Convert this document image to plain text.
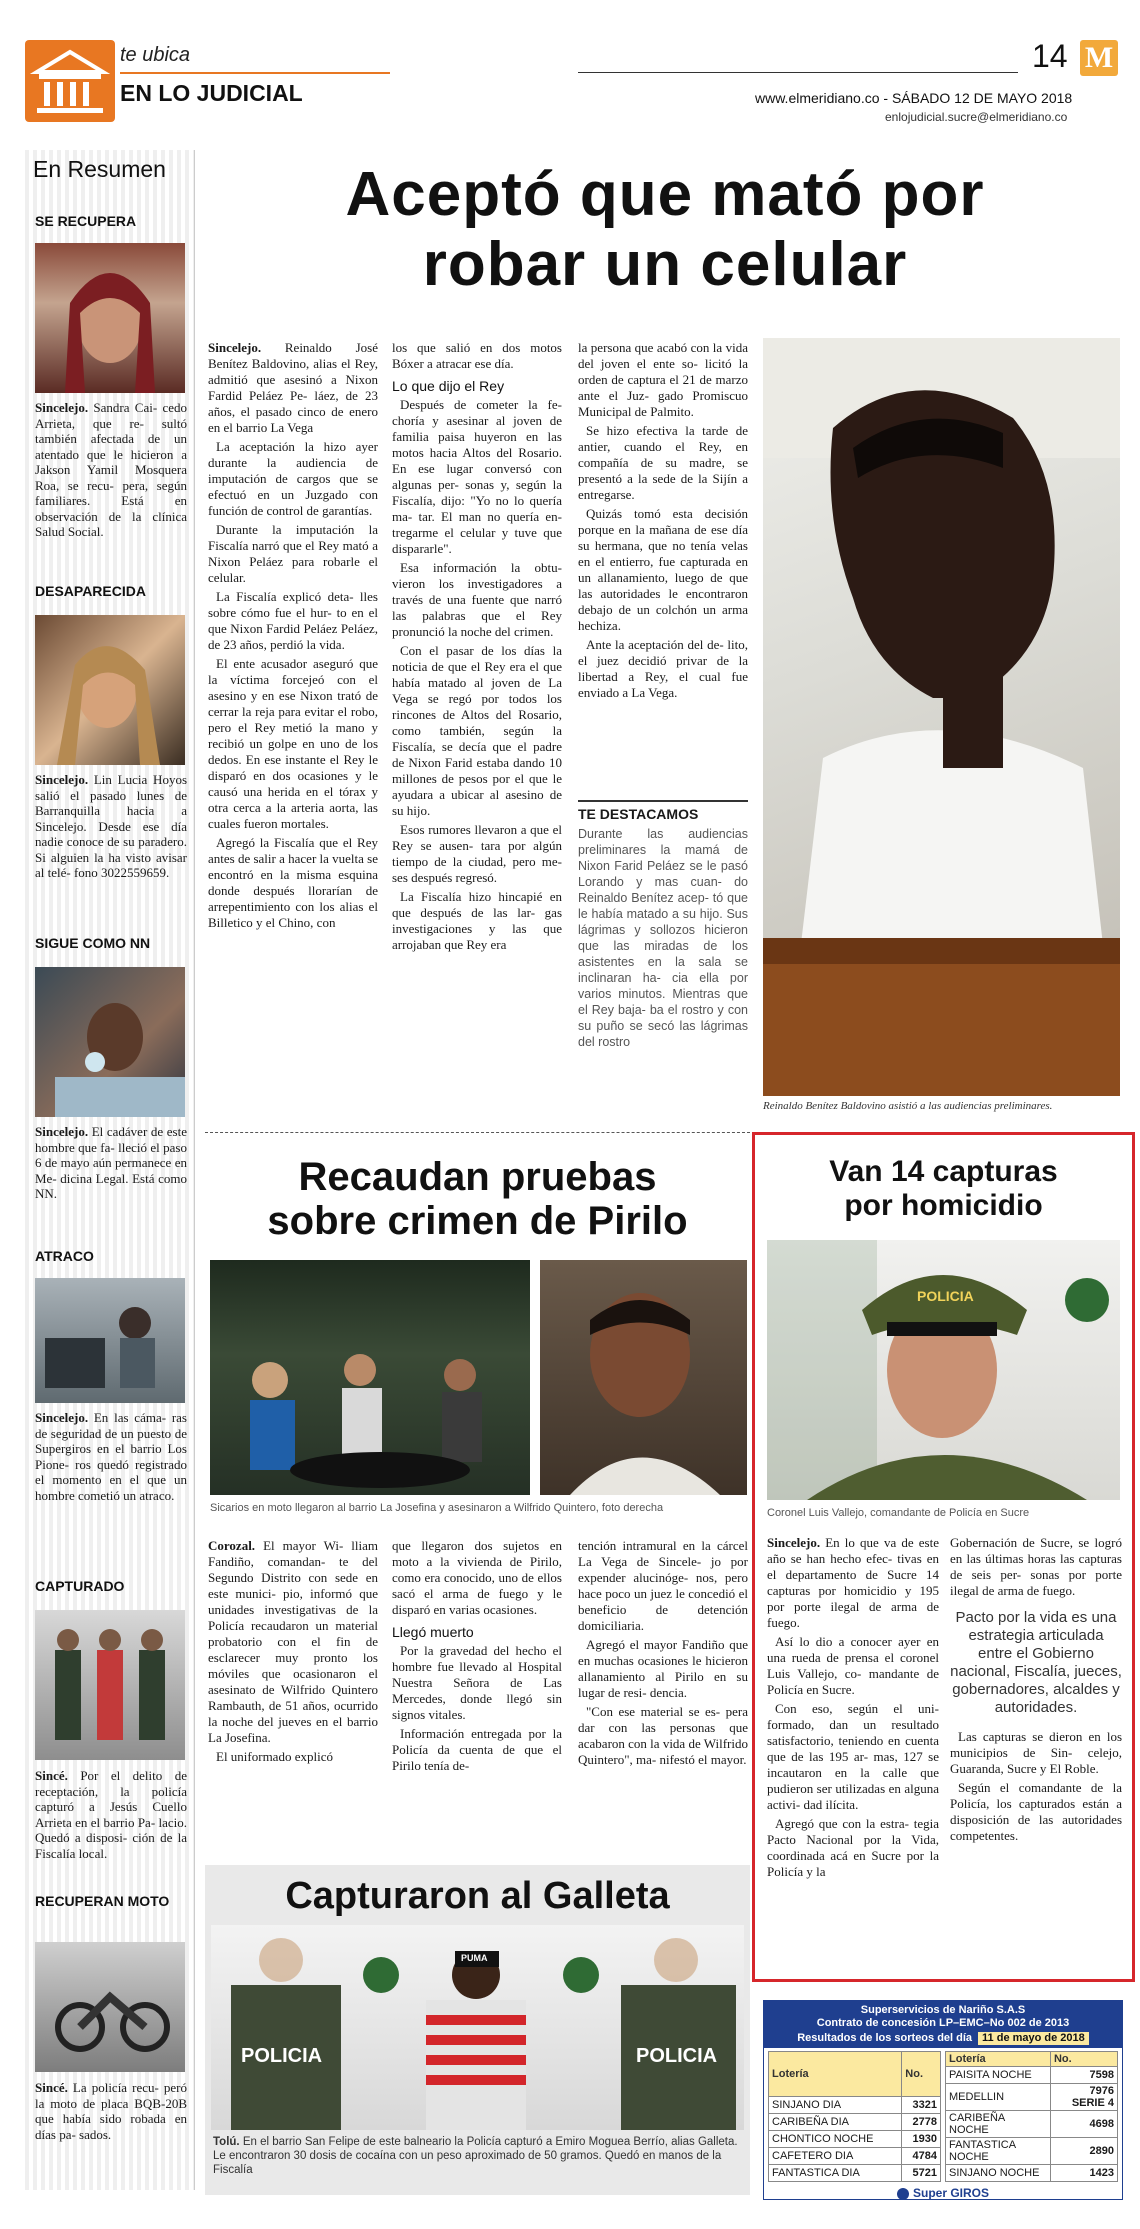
te ubica
EN LO JUDICIAL
14 M
www.elmeridiano.co - SÁBADO 12 DE MAYO 2018
enlojudicial.sucre@elmeridiano.co
En Resumen
SE RECUPERA
Sincelejo. Sandra Cai- cedo Arrieta, que re- sultó también afectada de un atentado que le hicieron a Jakson Yamil Mosquera Roa, se recu- pera, según familiares. Está en observación de la clínica Salud Social.
DESAPARECIDA
Sincelejo. Lin Lucia Hoyos salió el pasado lunes de Barranquilla hacia a Sincelejo. Desde ese día nadie conoce de su paradero. Si alguien la ha visto avisar al telé- fono 3022559659.
SIGUE COMO NN
Sincelejo. El cadáver de este hombre que fa- lleció el paso 6 de mayo aún permanece en Me- dicina Legal. Está como NN.
ATRACO
Sincelejo. En las cáma- ras de seguridad de un puesto de Supergiros en el barrio Los Pione- ros quedó registrado el momento en el que un hombre cometió un atraco.
CAPTURADO
Sincé. Por el delito de receptación, la policía capturó a Jesús Cuello Arrieta en el barrio Pa- lacio. Quedó a disposi- ción de la Fiscalía local.
RECUPERAN MOTO
Sincé. La policía recu- peró la moto de placa BQB-20B que había sido robada en días pa- sados.
Aceptó que mató por
robar un celular

Sincelejo. Reinaldo José Benítez Baldovino, alias el Rey, admitió que asesinó a Nixon Fardid Peláez Pe- láez, de 23 años, el pasado cinco de enero en el barrio La Vega

La aceptación la hizo ayer durante la audiencia de imputación de cargos que se efectuó en un Juzgado con función de control de garantías.

Durante la imputación la Fiscalía narró que el Rey mató a Nixon Peláez para robarle el celular.

La Fiscalía explicó deta- lles sobre cómo fue el hur- to en el que Nixon Fardid Peláez Peláez, de 23 años, perdió la vida.

El ente acusador aseguró que la víctima forcejeó con el asesino y en ese Nixon trató de cerrar la reja para evitar el robo, pero el Rey metió la mano y recibió un golpe en uno de los dedos. En ese instante el Rey le disparó en dos ocasiones y le causó una herida en el tórax y otra cerca a la arteria aorta, las cuales fueron mortales.

Agregó la Fiscalía que el Rey antes de salir a hacer la vuelta se encontró en la misma esquina donde después llorarían de arrepentimiento con los alias el Billetico y el Chino, con

los que salió en dos motos Bóxer a atracar ese día.

Lo que dijo el Rey

Después de cometer la fe- choría y asesinar al joven de familia paisa huyeron en las motos hacia Altos del Rosario. En ese lugar conversó con algunas per- sonas y, según la Fiscalía, dijo: "Yo no lo quería ma- tar. El man no quería en- tregarme el celular y tuve que dispararle".

Esa información la obtu- vieron los investigadores a través de una fuente que narró las palabras que el Rey pronunció la noche del crimen.

Con el pasar de los días la noticia de que el Rey era el que había matado al joven de La Vega se regó por todos los rincones de Altos del Rosario, como también, según la Fiscalía, se decía que el padre de Nixon Farid estaba dando 10 millones de pesos por el que le ayudara a ubicar al asesino de su hijo.

Esos rumores llevaron a que el Rey se ausen- tara por algún tiempo de la ciudad, pero me- ses después regresó.

La Fiscalía hizo hincapié en que después de las lar- gas investigaciones y las que arrojaban que Rey era

la persona que acabó con la vida del joven el ente so- licitó la orden de captura el 21 de marzo ante el Juz- gado Promiscuo Municipal de Palmito.

Se hizo efectiva la tarde de antier, cuando el Rey, en compañía de su madre, se presentó a la sede de la Sijín a entregarse.

Quizás tomó esta decisión porque en la mañana de ese día su hermana, que no tenía velas en el entierro, fue capturada en un allanamiento, luego de que las autoridades le encontraron debajo de un colchón un arma hechiza.

Ante la aceptación del de- lito, el juez decidió privar de la libertad a Rey, el cual fue enviado a La Vega.

TE DESTACAMOS
Durante las audiencias preliminares la mamá de Nixon Farid Peláez se le pasó Lorando y mas cuan- do Reinaldo Benítez acep- tó que le había matado a su hijo. Sus lágrimas y sollozos hicieron que las miradas de los asistentes en la sala se inclinaran ha- cia ella por varios minutos. Mientras que el Rey baja- ba el rostro y con su puño se secó las lágrimas del rostro
Reinaldo Benítez Baldovino asistió a las audiencias preliminares.
Recaudan pruebas
sobre crimen de Pirilo
Sicarios en moto llegaron al barrio La Josefina y asesinaron a Wilfrido Quintero, foto derecha

Corozal. El mayor Wi- lliam Fandiño, comandan- te del Segundo Distrito con sede en este munici- pio, informó que unidades investigativas de la Policía recaudaron un material probatorio con el fin de esclarecer muy pronto los móviles que ocasionaron el asesinato de Wilfrido Quintero Rambauth, de 51 años, ocurrido la noche del jueves en el barrio La Josefina.

El uniformado explicó

que llegaron dos sujetos en moto a la vivienda de Pirilo, como era conocido, uno de ellos sacó el arma de fuego y le disparó en varias ocasiones.

Llegó muerto

Por la gravedad del hecho el hombre fue llevado al Hospital Nuestra Señora de Las Mercedes, donde llegó sin signos vitales.

Información entregada por la Policía da cuenta de que el Pirilo tenía de-

tención intramural en la cárcel La Vega de Sincele- jo por expender alucinóge- nos, pero hace poco un juez le concedió el beneficio de detención domiciliaria.

Agregó el mayor Fandiño que en muchas ocasiones le hicieron allanamiento al Pirilo en su lugar de resi- dencia.

"Con ese material se es- pera dar con las personas que acabaron con la vida de Wilfrido Quintero", ma- nifestó el mayor.

Capturaron al Galleta
PUMA
POLICIA	POLICIA
Tolú. En el barrio San Felipe de este balneario la Policía capturó a Emiro Moguea Berrío, alias Galleta. Le encontraron 30 dosis de cocaína con un peso aproximado de 50 gramos. Quedó en manos de la Fiscalía
Van 14 capturas
por homicidio
POLICIA
Coronel Luis Vallejo, comandante de Policía en Sucre

Sincelejo. En lo que va de este año se han hecho efec- tivas en el departamento de Sucre 14 capturas por homicidio y 195 por porte ilegal de arma de fuego.

Así lo dio a conocer ayer en una rueda de prensa el coronel Luis Vallejo, co- mandante de Policía en Sucre.

Con eso, según el uni- formado, dan un resultado satisfactorio, teniendo en cuenta que de las 195 ar- mas, 127 se incautaron en la calle que pudieron ser utilizadas en alguna activi- dad ilícita.

Agregó que con la estra- tegia Pacto Nacional por la Vida, coordinada acá en Sucre por la Policía y la

Gobernación de Sucre, se logró en las últimas horas las capturas de seis per- sonas por porte ilegal de arma de fuego.

Pacto por la vida es una estrategia articulada entre el Gobierno nacional, Fiscalía, jueces, gobernadores, alcaldes y autoridades.

Las capturas se dieron en los municipios de Sin- celejo, Guaranda, Sucre y El Roble.

Según el comandante de la Policía, los capturados están a disposición de las autoridades competentes.

Superservicios de Nariño S.A.S
Contrato de concesión LP–EMC–No 002 de 2013
Resultados de los sorteos del día 11 de mayo de 2018
Lotería	No.
SINJANO DIA	3321
CARIBEÑA DIA	2778
CHONTICO NOCHE	1930
CAFETERO DIA	4784
FANTASTICA DIA	5721
Lotería	No.
PAISITA NOCHE	7598
MEDELLIN	7976 SERIE 4
CARIBEÑA NOCHE	4698
FANTASTICA NOCHE	2890
SINJANO NOCHE	1423
Super GIROS
